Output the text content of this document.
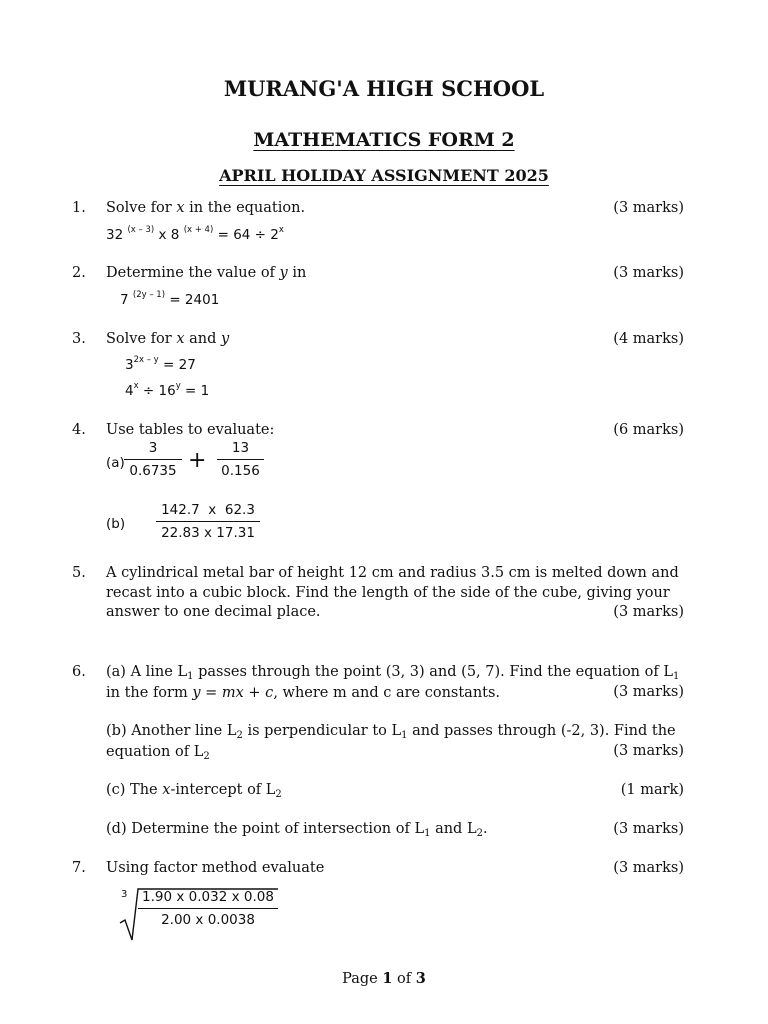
MURANG'A HIGH SCHOOL
MATHEMATICS FORM 2
APRIL HOLIDAY ASSIGNMENT 2025
1. Solve for x in the equation.	(3 marks)
32 $^{(x - 3)}$ x 8 $^{(x + 4)} = 64 \div 2^x$
2. Determine the value of y in	(3 marks)
7 $^{(2y - 1)}$ = 2401
3. Solve for x and y	(4 marks)
$3^{2x - y} = 27$
$4^x \div 16^y = 1$
4. Use tables to evaluate:	(6 marks)
$(a) \frac{3}{0.6735} + \frac{13}{0.156}$
$(b) \frac{142.7 x 62.3}{22.83 x 17.31}$
5. A cylindrical metal bar of height 12 cm and radius 3.5 cm is melted down and
recast into a cubic block. Find the length of the side of the cube, giving your
answer to one decimal place.	(3 marks)
6. (a) A line $L_1$ passes through the point (3, 3) and (5, 7). Find the equation of $L_1$
in the form y = mx + c, where m and c are constants.	(3 marks)
(b) Another line $L_2$ is perpendicular to $L_1$ and passes through (-2, 3). Find the
equation of $L_2$	(3 marks)
(c) The x-intercept of $L_2$	(1 mark)
(d) Determine the point of intersection of $L_1$ and $L_2$.	(3 marks)
7. Using factor method evaluate	(3 marks)
$3 \frac{1.90 x 0.032 x 0.08}{2.00 x 0.0038}$
Page 1 of 3
